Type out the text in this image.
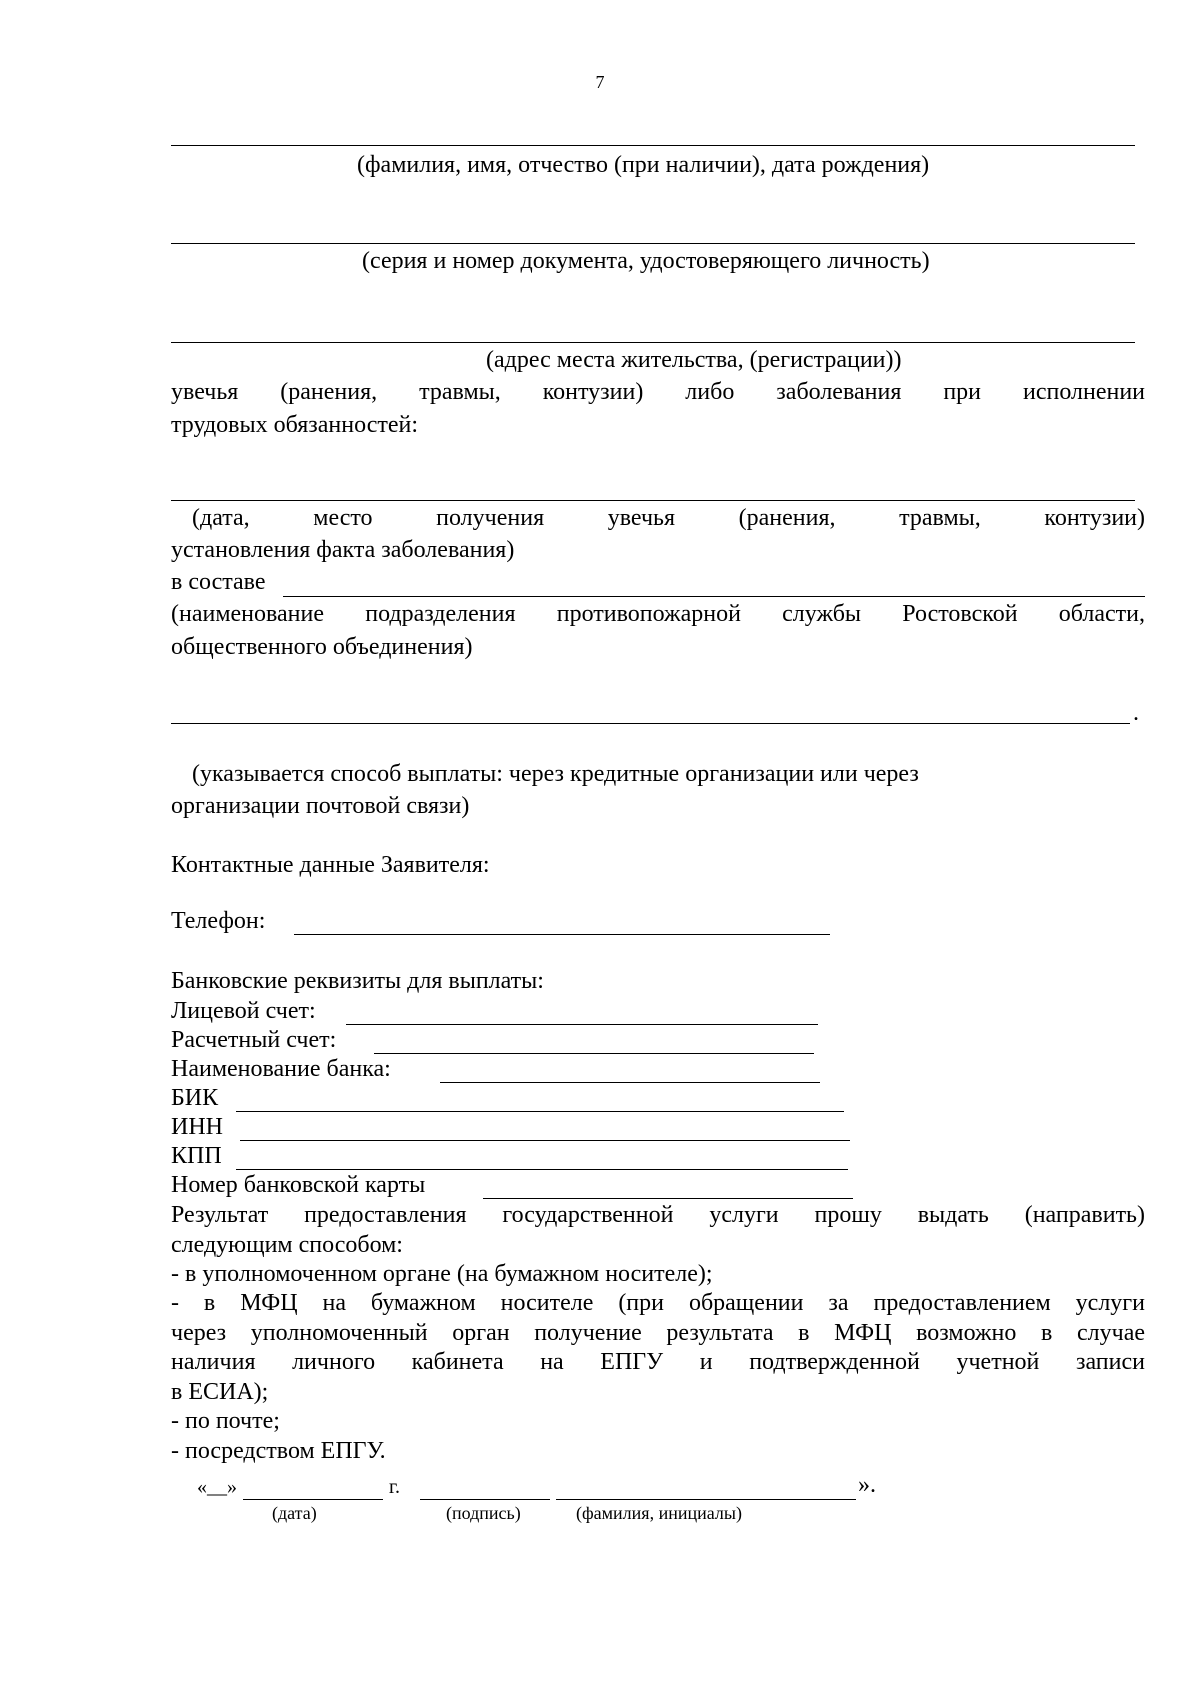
7
(фамилия, имя, отчество (при наличии), дата рождения)
(серия и номер документа, удостоверяющего личность)
(адрес места жительства, (регистрации))
увечья (ранения, травмы, контузии) либо заболевания при исполнении
трудовых обязанностей:
(дата, место получения увечья (ранения, травмы, контузии)
установления факта заболевания)
в составе
(наименование подразделения противопожарной службы Ростовской области,
общественного объединения)
.
(указывается способ выплаты: через кредитные организации или через
организации почтовой связи)
Контактные данные Заявителя:
Телефон:
Банковские реквизиты для выплаты:
Лицевой счет:
Расчетный счет:
Наименование банка:
БИК
ИНН
КПП
Номер банковской карты
Результат предоставления государственной услуги прошу выдать (направить)
следующим способом:
- в уполномоченном органе (на бумажном носителе);
- в МФЦ на бумажном носителе (при обращении за предоставлением услуги
через уполномоченный орган получение результата в МФЦ возможно в случае
наличия личного кабинета на ЕПГУ и подтвержденной учетной записи
в ЕСИА);
- по почте;
- посредством ЕПГУ.
«__»	г.	».
(дата)	(подпись)	(фамилия, инициалы)
